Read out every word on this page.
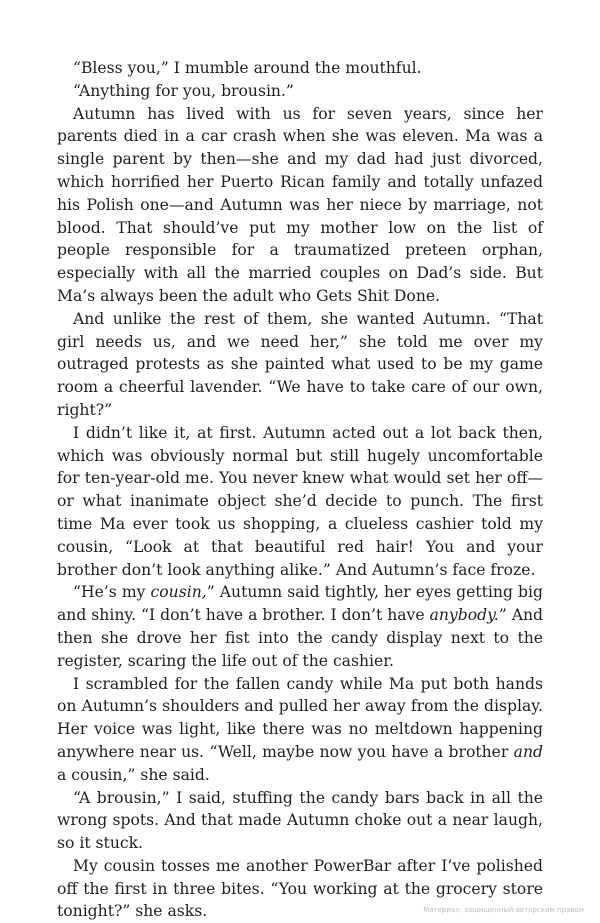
“Bless you,” I mumble around the mouthful.

“Anything for you, brousin.”

Autumn has lived with us for seven years, since her parents died in a car crash when she was eleven. Ma was a single parent by then—she and my dad had just divorced, which horrified her Puerto Rican family and totally unfazed his Polish one—and Autumn was her niece by marriage, not blood. That should’ve put my mother low on the list of people responsible for a traumatized preteen orphan, especially with all the married couples on Dad’s side. But Ma’s always been the adult who Gets Shit Done.

And unlike the rest of them, she wanted Autumn. “That girl needs us, and we need her,” she told me over my outraged protests as she painted what used to be my game room a cheerful lavender. “We have to take care of our own, right?”

I didn’t like it, at first. Autumn acted out a lot back then, which was obviously normal but still hugely uncomfortable for ten-year-old me. You never knew what would set her off—or what inanimate object she’d decide to punch. The first time Ma ever took us shopping, a clueless cashier told my cousin, “Look at that beautiful red hair! You and your brother don’t look anything alike.” And Autumn’s face froze.

“He’s my cousin,” Autumn said tightly, her eyes getting big and shiny. “I don’t have a brother. I don’t have anybody.” And then she drove her fist into the candy display next to the register, scaring the life out of the cashier.

I scrambled for the fallen candy while Ma put both hands on Autumn’s shoulders and pulled her away from the display. Her voice was light, like there was no meltdown happening anywhere near us. “Well, maybe now you have a brother and a cousin,” she said.

“A brousin,” I said, stuffing the candy bars back in all the wrong spots. And that made Autumn choke out a near laugh, so it stuck.

My cousin tosses me another PowerBar after I’ve polished off the first in three bites. “You working at the grocery store tonight?” she asks.	Материал, защищенный авторским правом
